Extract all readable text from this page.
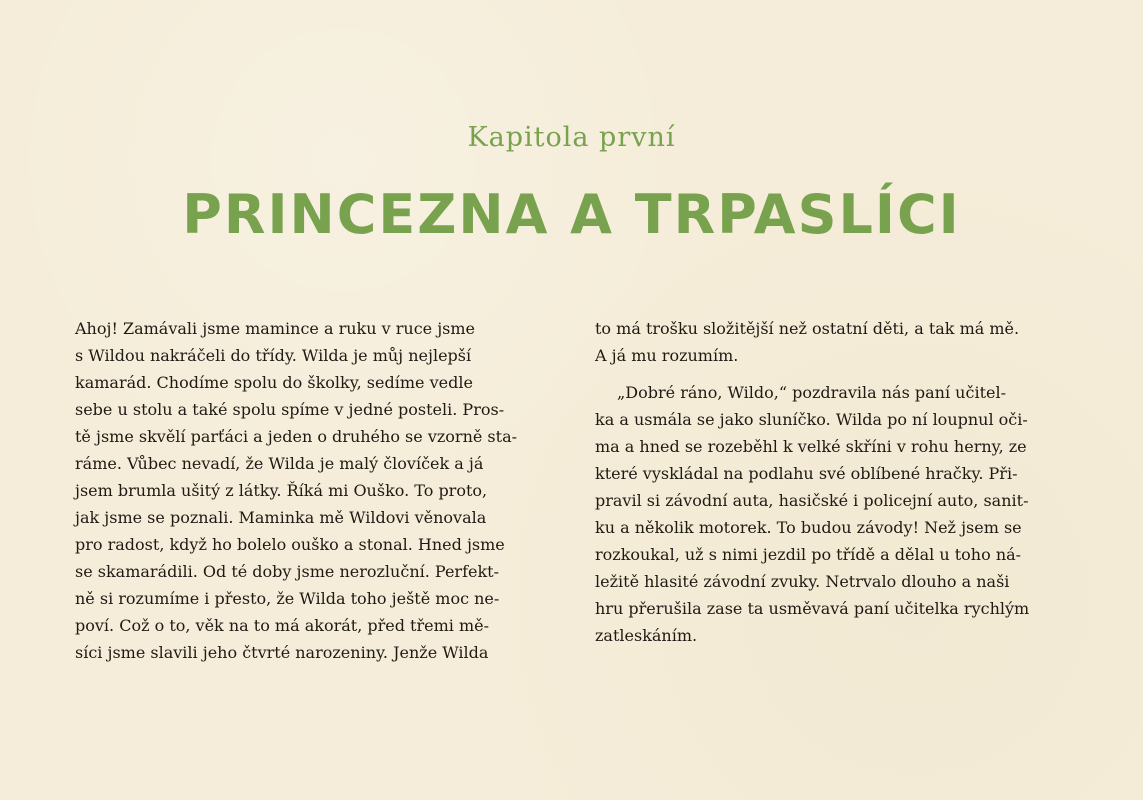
Kapitola první
PRINCEZNA A TRPASLÍCI
Ahoj! Zamávali jsme mamince a ruku v ruce jsme
s Wildou nakráčeli do třídy. Wilda je můj nejlepší
kamarád. Chodíme spolu do školky, sedíme vedle
sebe u stolu a také spolu spíme v jedné posteli. Pros-
tě jsme skvělí parťáci a jeden o druhého se vzorně sta-
ráme. Vůbec nevadí, že Wilda je malý človíček a já
jsem brumla ušitý z látky. Říká mi Ouško. To proto,
jak jsme se poznali. Maminka mě Wildovi věnovala
pro radost, když ho bolelo ouško a stonal. Hned jsme
se skamarádili. Od té doby jsme nerozluční. Perfekt-
ně si rozumíme i přesto, že Wilda toho ještě moc ne-
poví. Což o to, věk na to má akorát, před třemi mě-
síci jsme slavili jeho čtvrté narozeniny. Jenže Wilda
to má trošku složitější než ostatní děti, a tak má mě.
A já mu rozumím.
„Dobré ráno, Wildo,“ pozdravila nás paní učitel-
ka a usmála se jako sluníčko. Wilda po ní loupnul oči-
ma a hned se rozeběhl k velké skříni v rohu herny, ze
které vyskládal na podlahu své oblíbené hračky. Při-
pravil si závodní auta, hasičské i policejní auto, sanit-
ku a několik motorek. To budou závody! Než jsem se
rozkoukal, už s nimi jezdil po třídě a dělal u toho ná-
ležitě hlasité závodní zvuky. Netrvalo dlouho a naši
hru přerušila zase ta usměvavá paní učitelka rychlým
zatleskáním.
